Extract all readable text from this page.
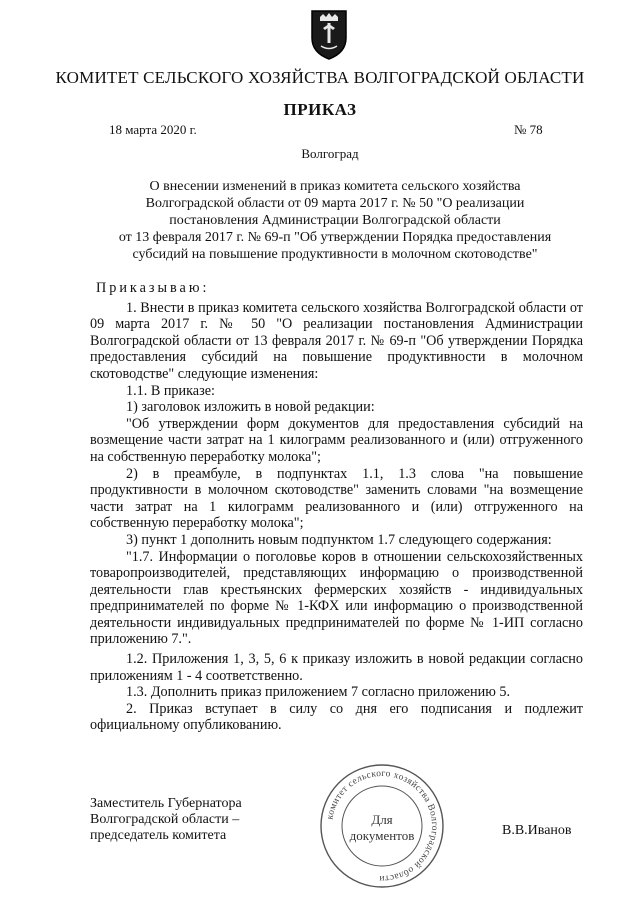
КОМИТЕТ СЕЛЬСКОГО ХОЗЯЙСТВА ВОЛГОГРАДСКОЙ ОБЛАСТИ
ПРИКАЗ
18 марта 2020 г.	№ 78
Волгоград
О внесении изменений в приказ комитета сельского хозяйства
Волгоградской области от 09 марта 2017 г. № 50 "О реализации
постановления Администрации Волгоградской области
от 13 февраля 2017 г. № 69-п "Об утверждении Порядка предоставления
субсидий на повышение продуктивности в молочном скотоводстве"
Приказываю:
1. Внести в приказ комитета сельского хозяйства Волгоградской области от 09 марта 2017 г. № 50 "О реализации постановления Администрации Волгоградской области от 13 февраля 2017 г. № 69-п "Об утверждении Порядка предоставления субсидий на повышение продуктивности в молочном скотоводстве" следующие изменения:
1.1. В приказе:
1) заголовок изложить в новой редакции:
"Об утверждении форм документов для предоставления субсидий на возмещение части затрат на 1 килограмм реализованного и (или) отгруженного на собственную переработку молока";
2) в преамбуле, в подпунктах 1.1, 1.3 слова "на повышение продуктивности в молочном скотоводстве" заменить словами "на возмещение части затрат на 1 килограмм реализованного и (или) отгруженного на собственную переработку молока";
3) пункт 1 дополнить новым подпунктом 1.7 следующего содержания:
"1.7. Информации о поголовье коров в отношении сельскохозяйственных товаропроизводителей, представляющих информацию о производственной деятельности глав крестьянских фермерских хозяйств - индивидуальных предпринимателей по форме № 1-КФХ или информацию о производственной деятельности индивидуальных предпринимателей по форме № 1-ИП согласно приложению 7.".
1.2. Приложения 1, 3, 5, 6 к приказу изложить в новой редакции согласно приложениям 1 - 4 соответственно.
1.3. Дополнить приказ приложением 7 согласно приложению 5.
2. Приказ вступает в силу со дня его подписания и подлежит официальному опубликованию.
Заместитель Губернатора
Волгоградской области –
председатель комитета
комитет сельского хозяйства Волгоградской области
Для
документов	В.В.Иванов
